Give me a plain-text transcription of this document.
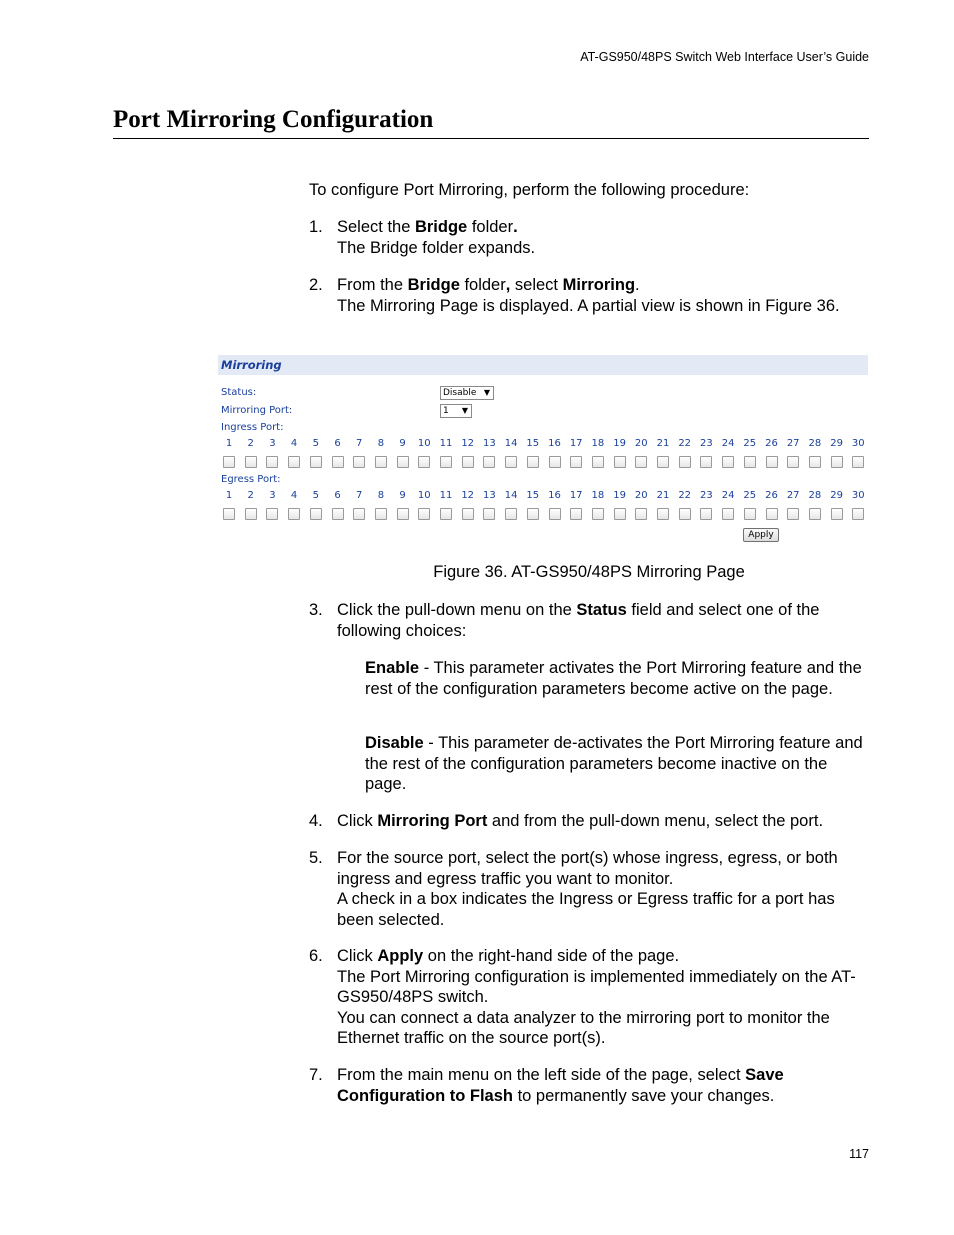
AT-GS950/48PS Switch Web Interface User’s Guide
Port Mirroring Configuration
To configure Port Mirroring, perform the following procedure:
1. Select the Bridge folder.
The Bridge folder expands.
2. From the Bridge folder, select Mirroring.
The Mirroring Page is displayed. A partial view is shown in Figure 36.
Mirroring
Status:	Disable ▼
Mirroring Port:	1 ▼
Ingress Port:
1	2	3	4	5	6	7	8	9	10 11 12 13 14 15 16 17 18 19 20 21 22 23 24 25 26 27 28 29 30
Egress Port:
1	2	3	4	5	6	7	8	9	10 11 12 13 14 15 16 17 18 19 20 21 22 23 24 25 26 27 28 29 30
Apply
Figure 36. AT-GS950/48PS Mirroring Page
3. Click the pull-down menu on the Status field and select one of the following choices:
Enable - This parameter activates the Port Mirroring feature and the rest of the configuration parameters become active on the page.
Disable - This parameter de-activates the Port Mirroring feature and the rest of the configuration parameters become inactive on the page.
4. Click Mirroring Port and from the pull-down menu, select the port.
5. For the source port, select the port(s) whose ingress, egress, or both ingress and egress traffic you want to monitor.
A check in a box indicates the Ingress or Egress traffic for a port has been selected.
6. Click Apply on the right-hand side of the page.
The Port Mirroring configuration is implemented immediately on the AT-GS950/48PS switch.
You can connect a data analyzer to the mirroring port to monitor the Ethernet traffic on the source port(s).
7. From the main menu on the left side of the page, select Save Configuration to Flash to permanently save your changes.
117
